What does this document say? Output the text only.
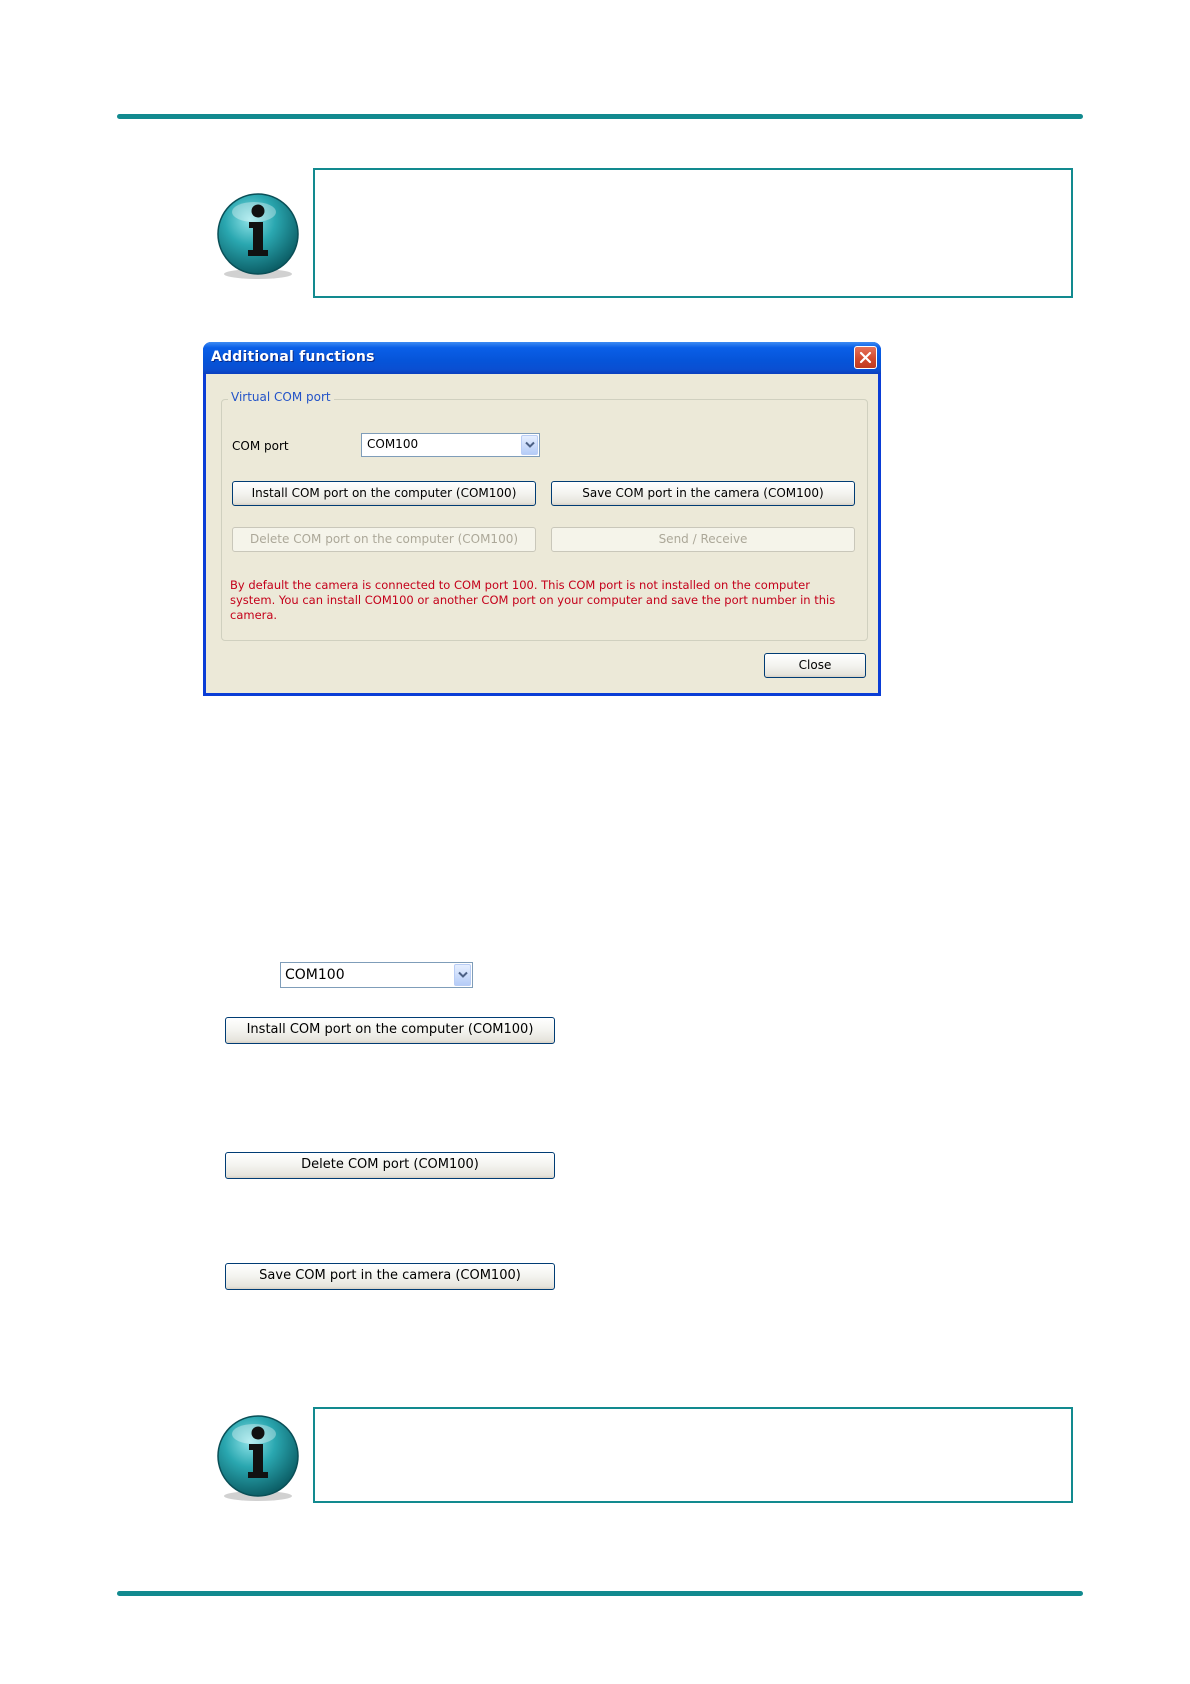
Additional functions
Virtual COM port
COM port	COM100
Install COM port on the computer (COM100)	Save COM port in the camera (COM100)
Delete COM port on the computer (COM100)	Send / Receive
By default the camera is connected to COM port 100. This COM port is not installed on the computer system. You can install COM100 or another COM port on your computer and save the port number in this camera.
Close
COM100
Install COM port on the computer (COM100)
Delete COM port (COM100)
Save COM port in the camera (COM100)
